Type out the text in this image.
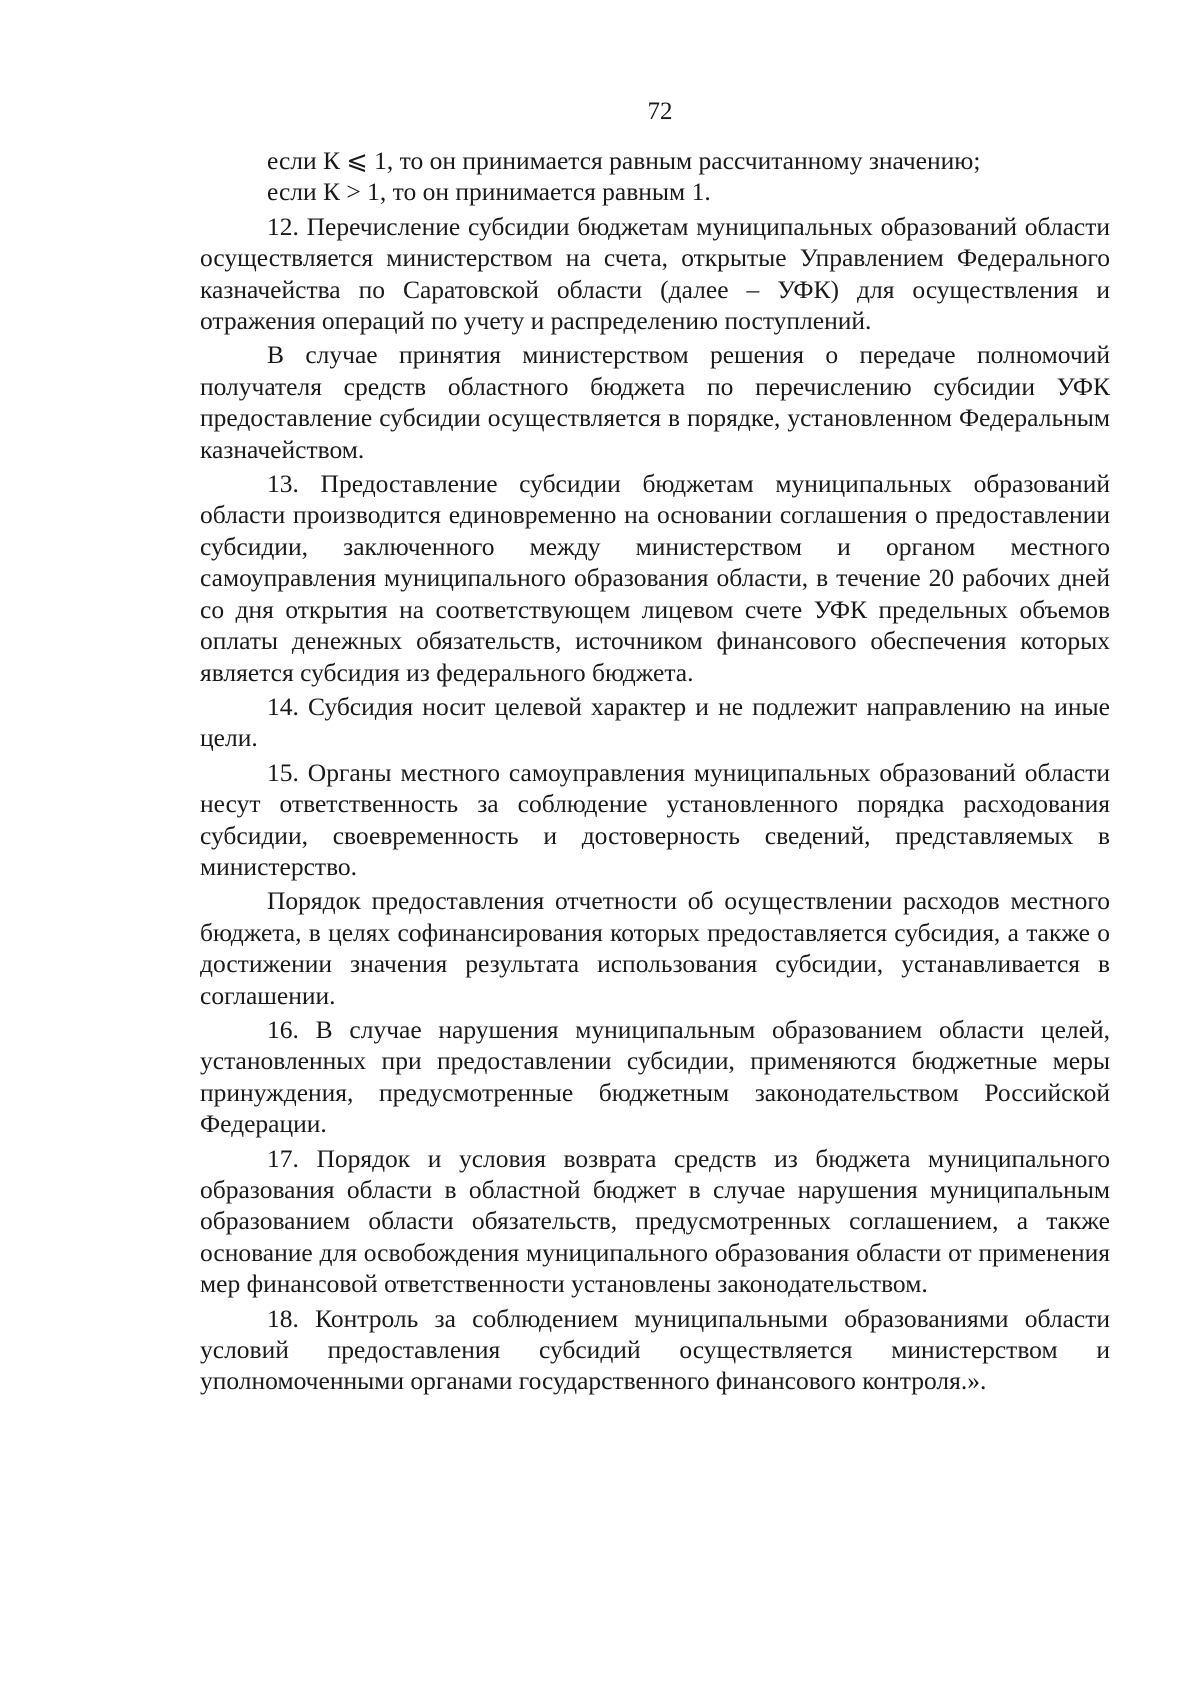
72

если К ⩽ 1, то он принимается равным рассчитанному значению;

если К > 1, то он принимается равным 1.

12. Перечисление субсидии бюджетам муниципальных образований области осуществляется министерством на счета, открытые Управлением Федерального казначейства по Саратовской области (далее – УФК) для осуществления и отражения операций по учету и распределению поступлений.

В случае принятия министерством решения о передаче полномочий получателя средств областного бюджета по перечислению субсидии УФК предоставление субсидии осуществляется в порядке, установленном Федеральным казначейством.

13. Предоставление субсидии бюджетам муниципальных образований области производится единовременно на основании соглашения о предоставлении субсидии, заключенного между министерством и органом местного самоуправления муниципального образования области, в течение 20 рабочих дней со дня открытия на соответствующем лицевом счете УФК предельных объемов оплаты денежных обязательств, источником финансового обеспечения которых является субсидия из федерального бюджета.

14. Субсидия носит целевой характер и не подлежит направлению на иные цели.

15. Органы местного самоуправления муниципальных образований области несут ответственность за соблюдение установленного порядка расходования субсидии, своевременность и достоверность сведений, представляемых в министерство.

Порядок предоставления отчетности об осуществлении расходов местного бюджета, в целях софинансирования которых предоставляется субсидия, а также о достижении значения результата использования субсидии, устанавливается в соглашении.

16. В случае нарушения муниципальным образованием области целей, установленных при предоставлении субсидии, применяются бюджетные меры принуждения, предусмотренные бюджетным законодательством Российской Федерации.

17. Порядок и условия возврата средств из бюджета муниципального образования области в областной бюджет в случае нарушения муниципальным образованием области обязательств, предусмотренных соглашением, а также основание для освобождения муниципального образования области от применения мер финансовой ответственности установлены законодательством.

18. Контроль за соблюдением муниципальными образованиями области условий предоставления субсидий осуществляется министерством и уполномоченными органами государственного финансового контроля.».
